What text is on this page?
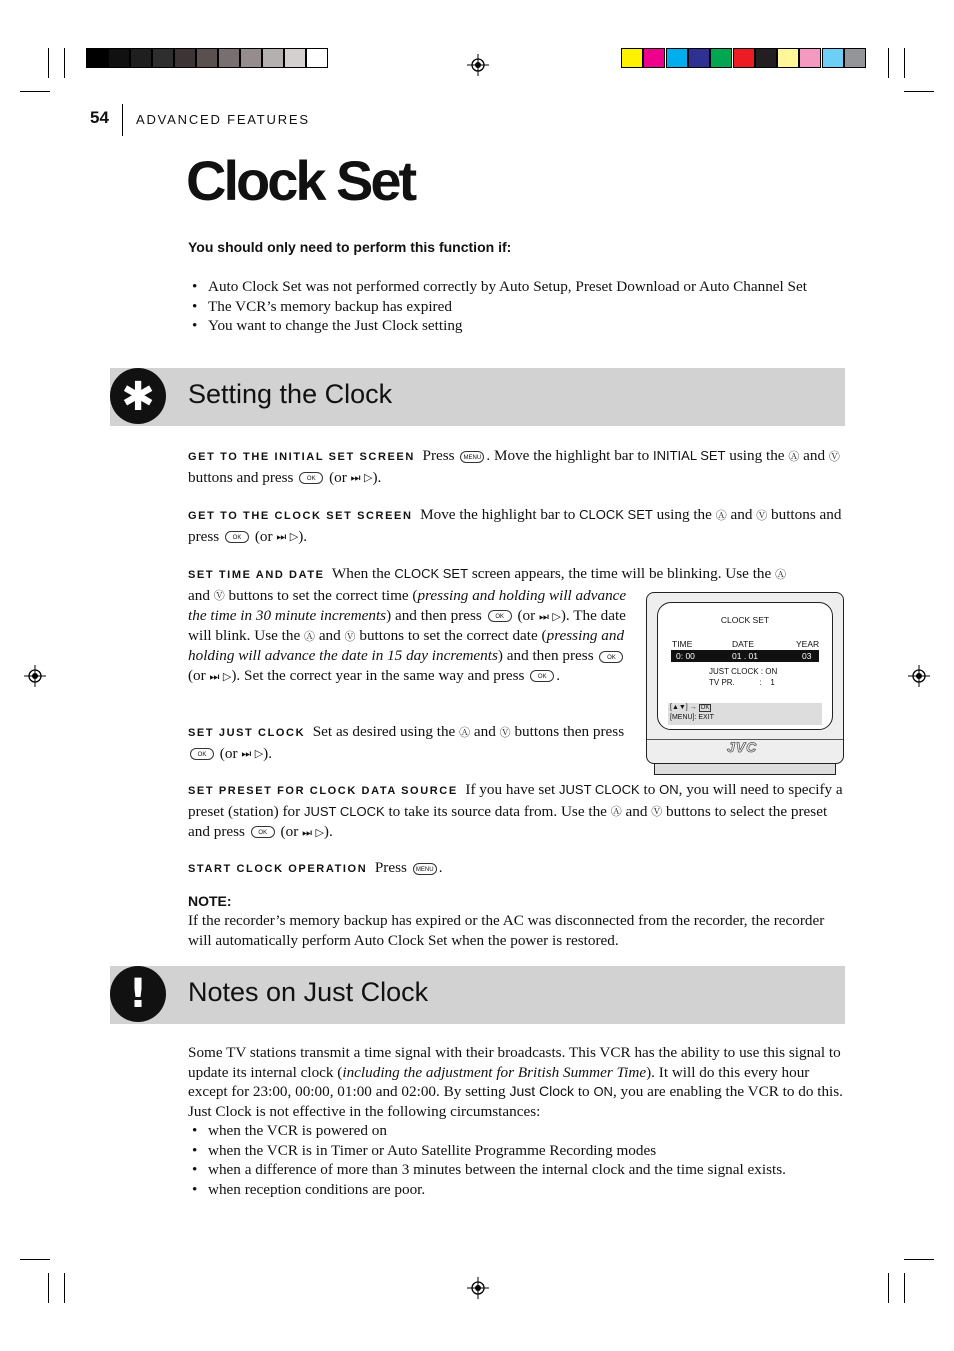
54 ADVANCED FEATURES
Clock Set
You should only need to perform this function if:
• Auto Clock Set was not performed correctly by Auto Setup, Preset Download or Auto Channel Set
• The VCR’s memory backup has expired
• You want to change the Just Clock setting
✱	Setting the Clock
GET TO THE INITIAL SET SCREEN Press MENU . Move the highlight bar to INITIAL SET using the Ⓐ and Ⓥ buttons and press OK (or ⏭ ▷).
GET TO THE CLOCK SET SCREEN Move the highlight bar to CLOCK SET using the Ⓐ and Ⓥ buttons and press OK (or ⏭ ▷).
SET TIME AND DATE When the CLOCK SET screen appears, the time will be blinking. Use the Ⓐ
and Ⓥ buttons to set the correct time (pressing and holding will advance the time in 30 minute increments) and then press OK (or ⏭ ▷). The date will blink. Use the Ⓐ and Ⓥ buttons to set the correct date (pressing and holding will advance the date in 15 day increments) and then press OK (or ⏭ ▷). Set the correct year in the same way and press OK .
SET JUST CLOCK Set as desired using the Ⓐ and Ⓥ buttons then press OK (or ⏭ ▷).
CLOCK SET
TIME	DATE	YEAR
0: 00	01 . 01	03
JUST CLOCK : ON
TV PR.           :    1
[▲▼] → OK
[MENU]: EXIT
JVC
SET PRESET FOR CLOCK DATA SOURCE If you have set JUST CLOCK to ON, you will need to specify a preset (station) for JUST CLOCK to take its source data from. Use the Ⓐ and Ⓥ buttons to select the preset and press OK (or ⏭ ▷).
START CLOCK OPERATION Press MENU .
NOTE:
If the recorder’s memory backup has expired or the AC was disconnected from the recorder, the recorder will automatically perform Auto Clock Set when the power is restored.
!	Notes on Just Clock
Some TV stations transmit a time signal with their broadcasts. This VCR has the ability to use this signal to update its internal clock (including the adjustment for British Summer Time). It will do this every hour except for 23:00, 00:00, 01:00 and 02:00. By setting Just Clock to ON, you are enabling the VCR to do this.
Just Clock is not effective in the following circumstances:
• when the VCR is powered on
• when the VCR is in Timer or Auto Satellite Programme Recording modes
• when a difference of more than 3 minutes between the internal clock and the time signal exists.
• when reception conditions are poor.
